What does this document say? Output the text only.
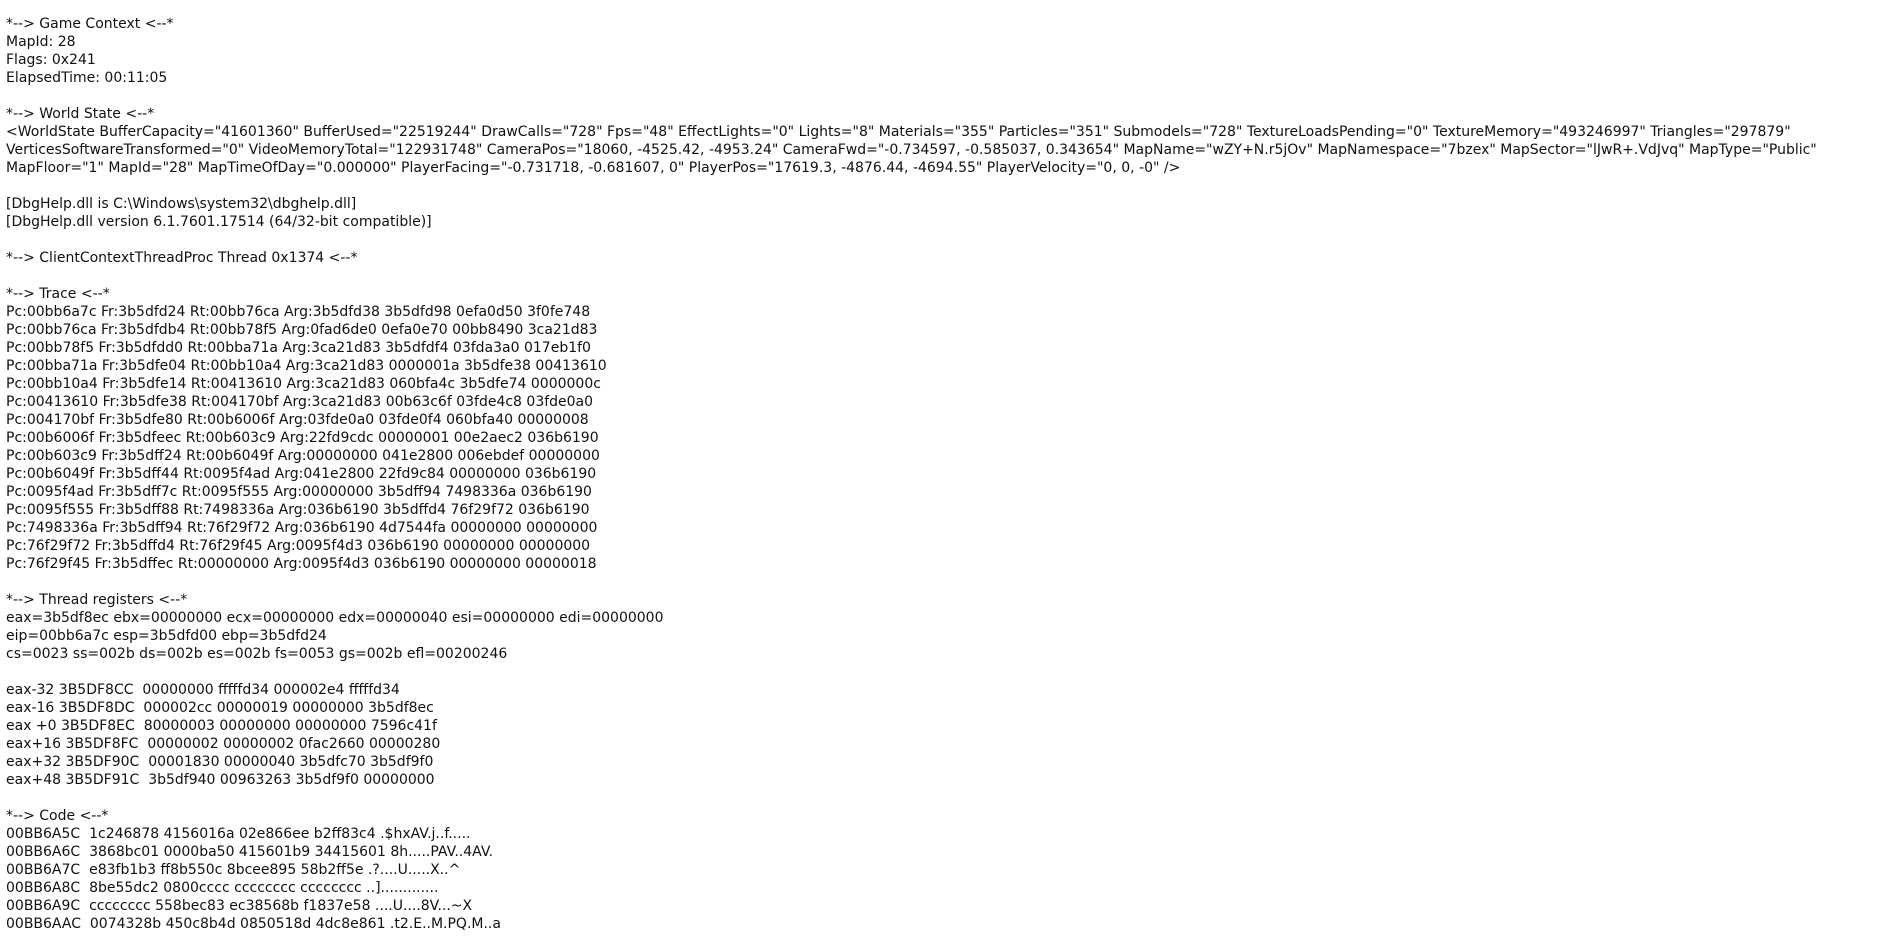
*--> Game Context <--*
MapId: 28
Flags: 0x241
ElapsedTime: 00:11:05
*--> World State <--*
<WorldState BufferCapacity="41601360" BufferUsed="22519244" DrawCalls="728" Fps="48" EffectLights="0" Lights="8" Materials="355" Particles="351" Submodels="728" TextureLoadsPending="0" TextureMemory="493246997" Triangles="297879" VerticesSoftwareTransformed="0" VideoMemoryTotal="122931748" CameraPos="18060, -4525.42, -4953.24" CameraFwd="-0.734597, -0.585037, 0.343654" MapName="wZY+N.r5jOv" MapNamespace="7bzex" MapSector="lJwR+.VdJvq" MapType="Public" MapFloor="1" MapId="28" MapTimeOfDay="0.000000" PlayerFacing="-0.731718, -0.681607, 0" PlayerPos="17619.3, -4876.44, -4694.55" PlayerVelocity="0, 0, -0" />
[DbgHelp.dll is C:\Windows\system32\dbghelp.dll]
[DbgHelp.dll version 6.1.7601.17514 (64/32-bit compatible)]
*--> ClientContextThreadProc Thread 0x1374 <--*
*--> Trace <--*
Pc:00bb6a7c Fr:3b5dfd24 Rt:00bb76ca Arg:3b5dfd38 3b5dfd98 0efa0d50 3f0fe748
Pc:00bb76ca Fr:3b5dfdb4 Rt:00bb78f5 Arg:0fad6de0 0efa0e70 00bb8490 3ca21d83
Pc:00bb78f5 Fr:3b5dfdd0 Rt:00bba71a Arg:3ca21d83 3b5dfdf4 03fda3a0 017eb1f0
Pc:00bba71a Fr:3b5dfe04 Rt:00bb10a4 Arg:3ca21d83 0000001a 3b5dfe38 00413610
Pc:00bb10a4 Fr:3b5dfe14 Rt:00413610 Arg:3ca21d83 060bfa4c 3b5dfe74 0000000c
Pc:00413610 Fr:3b5dfe38 Rt:004170bf Arg:3ca21d83 00b63c6f 03fde4c8 03fde0a0
Pc:004170bf Fr:3b5dfe80 Rt:00b6006f Arg:03fde0a0 03fde0f4 060bfa40 00000008
Pc:00b6006f Fr:3b5dfeec Rt:00b603c9 Arg:22fd9cdc 00000001 00e2aec2 036b6190
Pc:00b603c9 Fr:3b5dff24 Rt:00b6049f Arg:00000000 041e2800 006ebdef 00000000
Pc:00b6049f Fr:3b5dff44 Rt:0095f4ad Arg:041e2800 22fd9c84 00000000 036b6190
Pc:0095f4ad Fr:3b5dff7c Rt:0095f555 Arg:00000000 3b5dff94 7498336a 036b6190
Pc:0095f555 Fr:3b5dff88 Rt:7498336a Arg:036b6190 3b5dffd4 76f29f72 036b6190
Pc:7498336a Fr:3b5dff94 Rt:76f29f72 Arg:036b6190 4d7544fa 00000000 00000000
Pc:76f29f72 Fr:3b5dffd4 Rt:76f29f45 Arg:0095f4d3 036b6190 00000000 00000000
Pc:76f29f45 Fr:3b5dffec Rt:00000000 Arg:0095f4d3 036b6190 00000000 00000018
*--> Thread registers <--*
eax=3b5df8ec ebx=00000000 ecx=00000000 edx=00000040 esi=00000000 edi=00000000
eip=00bb6a7c esp=3b5dfd00 ebp=3b5dfd24
cs=0023 ss=002b ds=002b es=002b fs=0053 gs=002b efl=00200246
eax-32 3B5DF8CC  00000000 fffffd34 000002e4 fffffd34
eax-16 3B5DF8DC  000002cc 00000019 00000000 3b5df8ec
eax +0 3B5DF8EC  80000003 00000000 00000000 7596c41f
eax+16 3B5DF8FC  00000002 00000002 0fac2660 00000280
eax+32 3B5DF90C  00001830 00000040 3b5dfc70 3b5df9f0
eax+48 3B5DF91C  3b5df940 00963263 3b5df9f0 00000000
*--> Code <--*
00BB6A5C  1c246878 4156016a 02e866ee b2ff83c4 .$hxAV.j..f.....
00BB6A6C  3868bc01 0000ba50 415601b9 34415601 8h.....PAV..4AV.
00BB6A7C  e83fb1b3 ff8b550c 8bcee895 58b2ff5e .?....U.....X..^
00BB6A8C  8be55dc2 0800cccc cccccccc cccccccc ..].............
00BB6A9C  cccccccc 558bec83 ec38568b f1837e58 ....U....8V...~X
00BB6AAC  0074328b 450c8b4d 0850518d 4dc8e861 .t2.E..M.PQ.M..a
